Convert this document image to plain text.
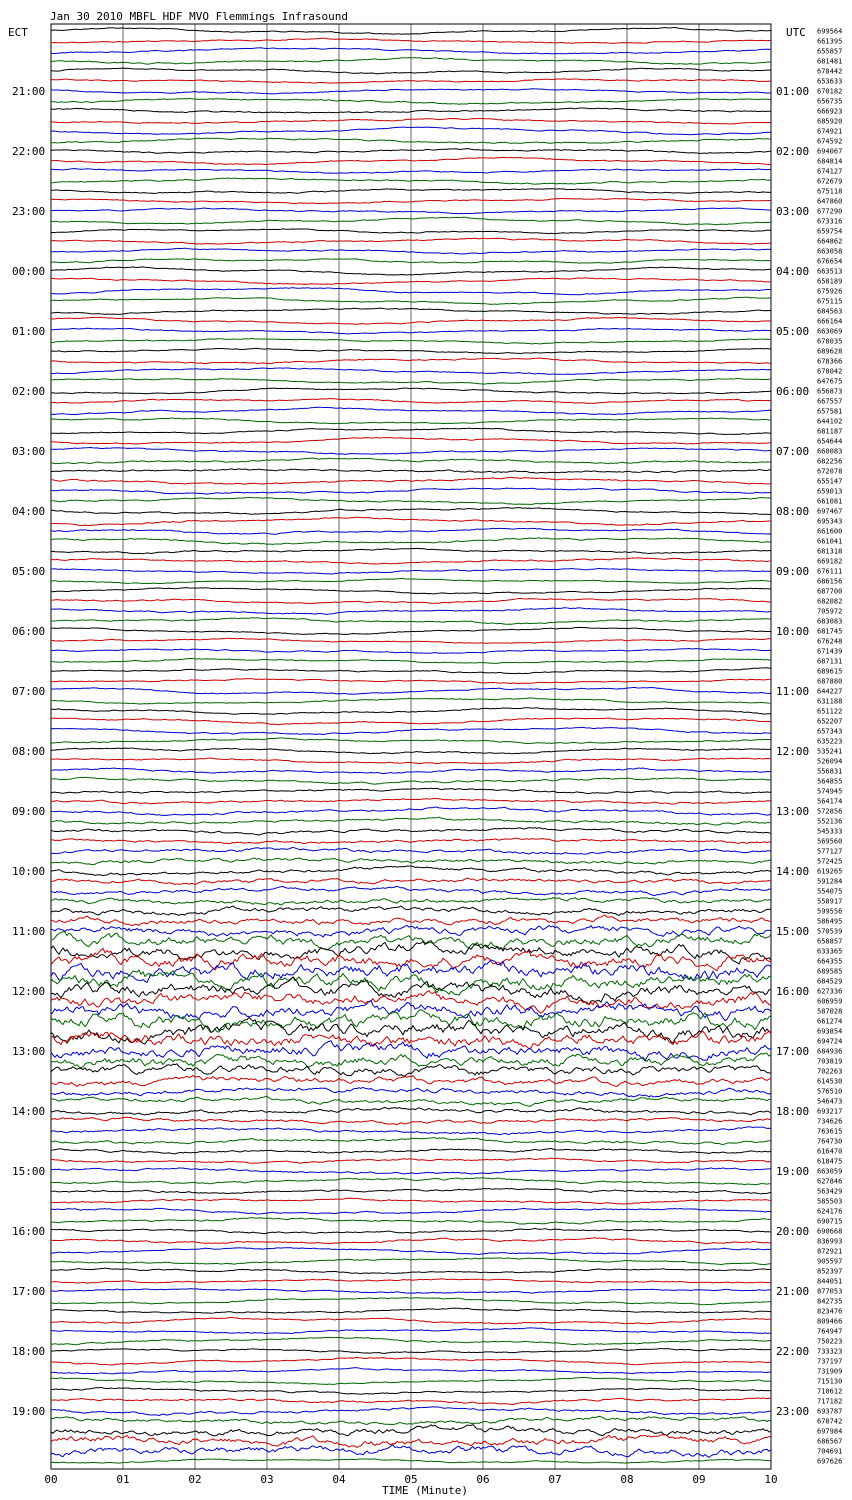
Jan 30 2010 MBFL HDF MVO Flemmings Infrasound
ECT	UTC
21:00
22:00
23:00
00:00
01:00
02:00
03:00
04:00
05:00
06:00
07:00
08:00
09:00
10:00
11:00
12:00
13:00
14:00
15:00
16:00
17:00
18:00
19:00
01:00
02:00
03:00
04:00
05:00
06:00
07:00
08:00
09:00
10:00
11:00
12:00
13:00
14:00
15:00
16:00
17:00
18:00
19:00
20:00
21:00
22:00
23:00
699564
661395
655857
681481
678442
653633
670182
656735
666923
685920
674921
674592
694067
684814
674127
672679
675118
647860
677290
673316
659754
664862
663058
676654
663513
658189
675926
675115
684563
666164
663069
678035
689628
678366
678042
647675
656873
667557
657581
644102
681187
654644
660083
682256
672078
655147
659013
661081
697467
695343
661600
661041
681318
669182
676111
686156
687700
682082
705972
683083
681745
676248
671439
687131
689615
687880
644227
631188
651122
652207
657343
635223
535241
526094
556831
564855
574945
564174
572856
552136
545333
569560
577127
572425
619265
591284
554075
558917
599556
586495
570539
658857
633365
664355
689585
684529
627336
606959
587028
661274
693854
694724
684936
703819
702263
614530
576510
546473
693217
734626
763615
764730
616470
618475
663059
627846
563429
585503
624176
690715
690668
836993
872921
905597
852397
844051
877053
842735
823476
809466
764947
750223
733323
737197
731909
715130
710612
717182
693787
678742
697984
686567
704691
697626
00	01	02	03	04	05	06	07	08	09	10
TIME (Minute)
